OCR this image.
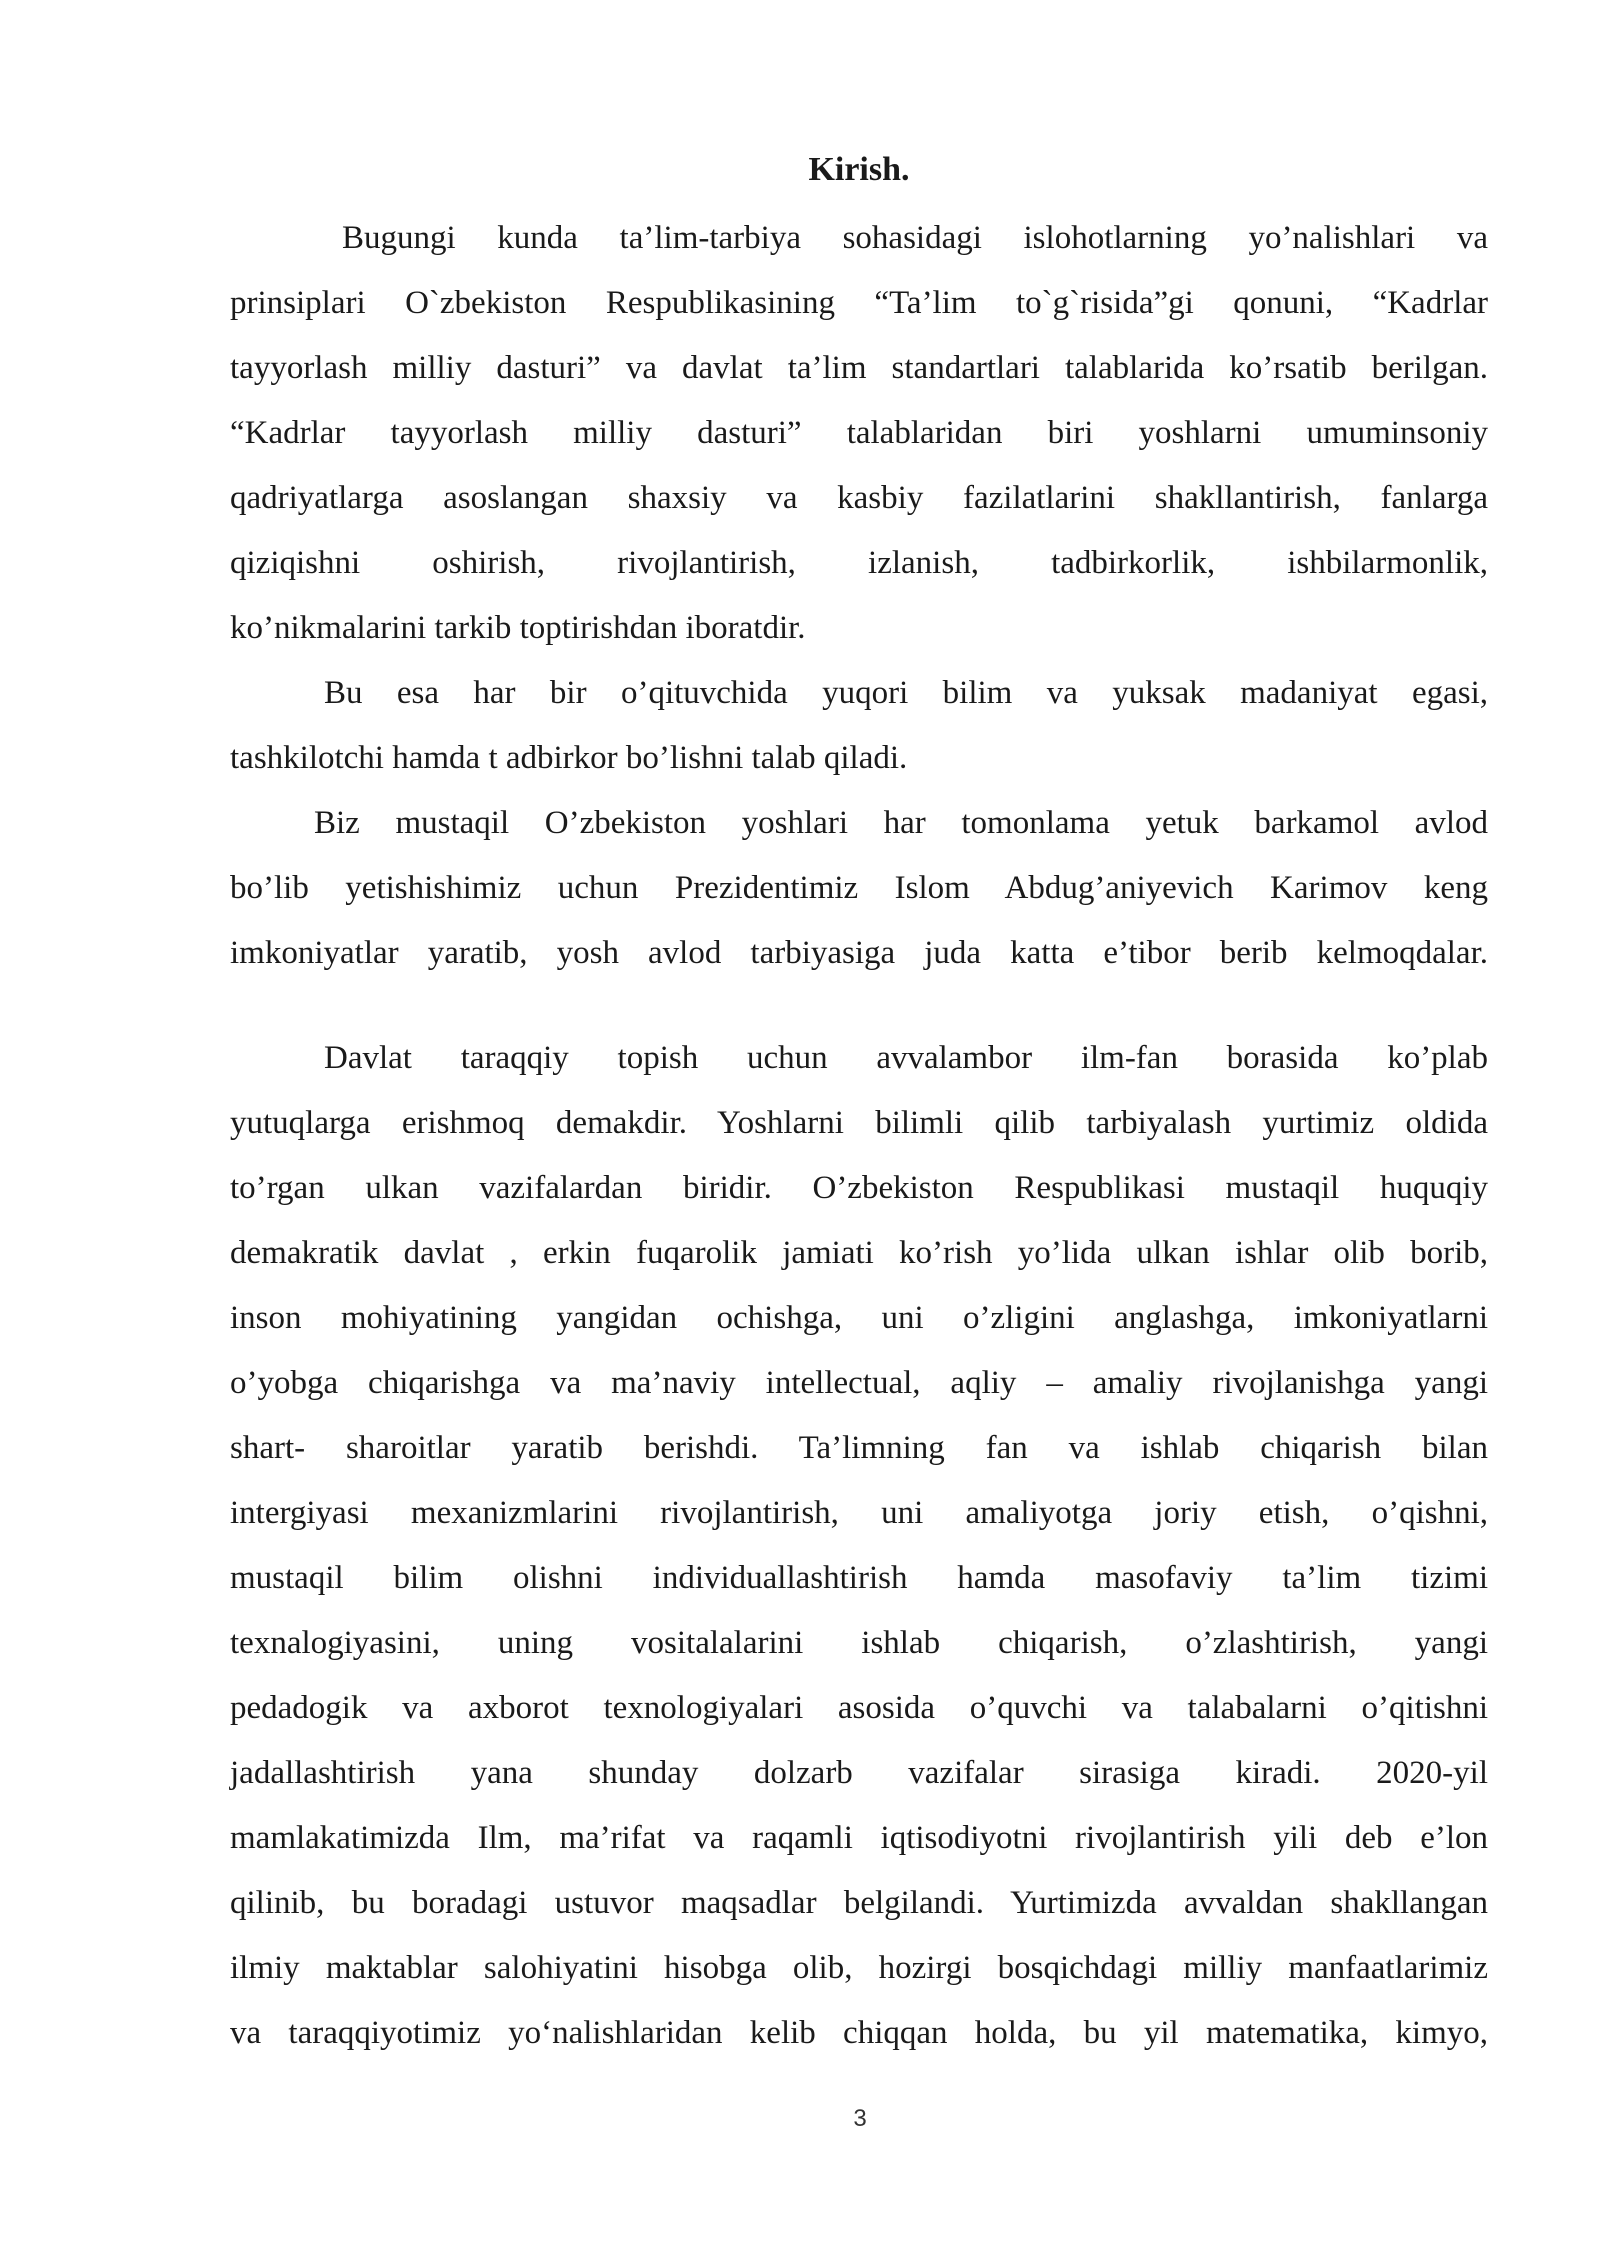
Kirish.

Bugungi kunda ta’lim-tarbiya sohasidagi islohotlarning yo’nalishlari va
prinsiplari O`zbekiston Respublikasining “Ta’lim to`g`risida”gi qonuni, “Kadrlar
tayyorlash milliy dasturi” va davlat ta’lim standartlari talablarida ko’rsatib berilgan.
“Kadrlar tayyorlash milliy dasturi” talablaridan biri yoshlarni umuminsoniy
qadriyatlarga asoslangan shaxsiy va kasbiy fazilatlarini shakllantirish, fanlarga
qiziqishni oshirish, rivojlantirish, izlanish, tadbirkorlik, ishbilarmonlik,
ko’nikmalarini tarkib toptirishdan iboratdir.

Bu esa har bir o’qituvchida yuqori bilim va yuksak madaniyat egasi,
tashkilotchi hamda t adbirkor bo’lishni talab qiladi.

Biz mustaqil O’zbekiston yoshlari har tomonlama yetuk barkamol avlod
bo’lib yetishishimiz uchun Prezidentimiz Islom Abdug’aniyevich Karimov keng
imkoniyatlar yaratib, yosh avlod tarbiyasiga juda katta e’tibor berib kelmoqdalar.

Davlat taraqqiy topish uchun avvalambor ilm-fan borasida ko’plab
yutuqlarga erishmoq demakdir. Yoshlarni bilimli qilib tarbiyalash yurtimiz oldida
to’rgan ulkan vazifalardan biridir. O’zbekiston Respublikasi mustaqil huquqiy
demakratik davlat , erkin fuqarolik jamiati ko’rish yo’lida ulkan ishlar olib borib,
inson mohiyatining yangidan ochishga, uni o’zligini anglashga, imkoniyatlarni
o’yobga chiqarishga va ma’naviy intellectual, aqliy – amaliy rivojlanishga yangi
shart- sharoitlar yaratib berishdi. Ta’limning fan va ishlab chiqarish bilan
intergiyasi mexanizmlarini rivojlantirish, uni amaliyotga joriy etish, o’qishni,
mustaqil bilim olishni individuallashtirish hamda masofaviy ta’lim tizimi
texnalogiyasini, uning vositalalarini ishlab chiqarish, o’zlashtirish, yangi
pedadogik va axborot texnologiyalari asosida o’quvchi va talabalarni o’qitishni
jadallashtirish yana shunday dolzarb vazifalar sirasiga kiradi. 2020-yil
mamlakatimizda Ilm, ma’rifat va raqamli iqtisodiyotni rivojlantirish yili deb e’lon
qilinib, bu boradagi ustuvor maqsadlar belgilandi. Yurtimizda avvaldan shakllangan
ilmiy maktablar salohiyatini hisobga olib, hozirgi bosqichdagi milliy manfaatlarimiz
va taraqqiyotimiz yo‘nalishlaridan kelib chiqqan holda, bu yil matematika, kimyo,

3
